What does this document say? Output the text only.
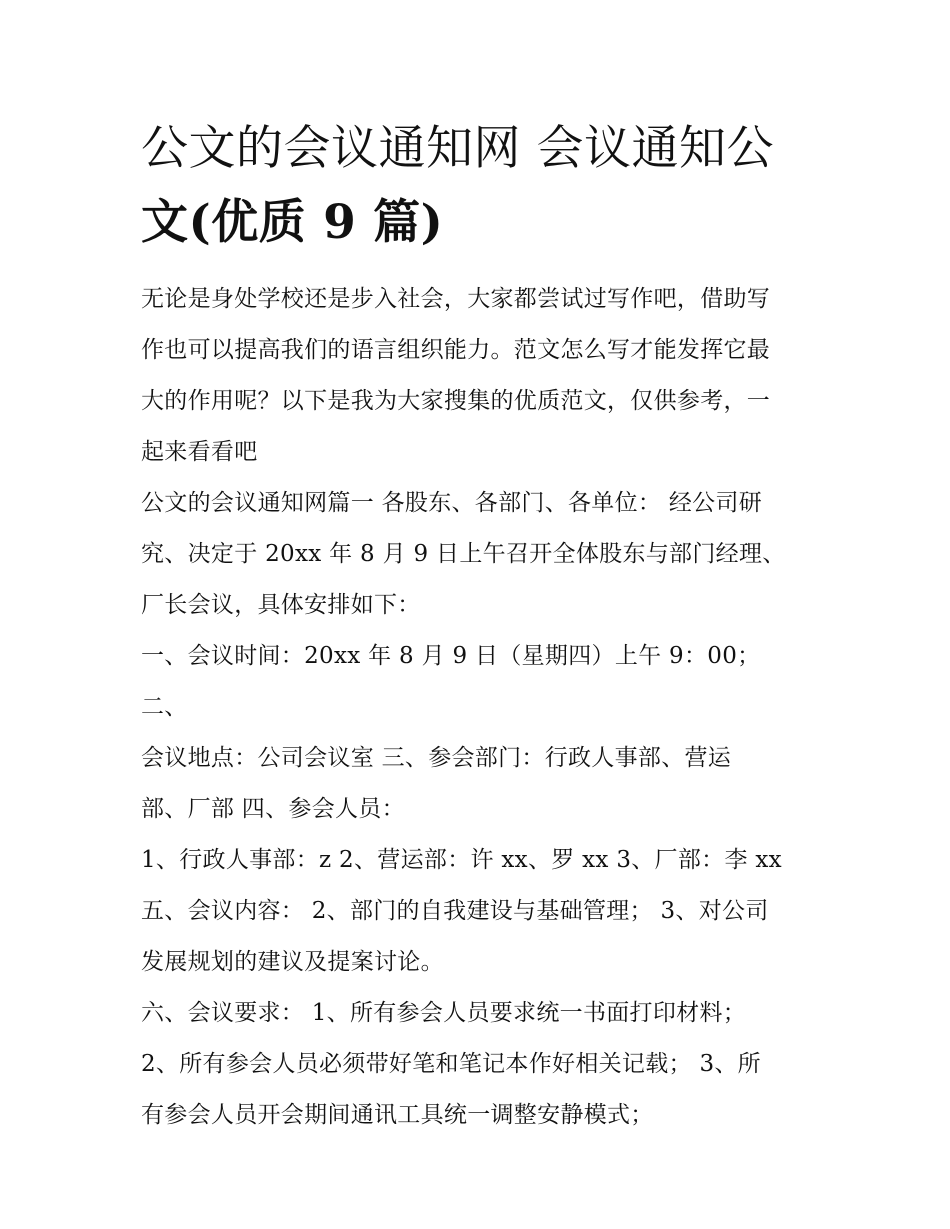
公文的会议通知网 会议通知公
文(优质 9 篇)

无论是身处学校还是步入社会，大家都尝试过写作吧，借助写
作也可以提高我们的语言组织能力。范文怎么写才能发挥它最
大的作用呢？以下是我为大家搜集的优质范文，仅供参考，一
起来看看吧

公文的会议通知网篇一 各股东、各部门、各单位： 经公司研
究、决定于 20xx 年 8 月 9 日上午召开全体股东与部门经理、
厂长会议，具体安排如下：
一、会议时间：20xx 年 8 月 9 日（星期四）上午 9：00； 二、
会议地点：公司会议室 三、参会部门：行政人事部、营运
部、厂部 四、参会人员：
1、行政人事部：z 2、营运部：许 xx、罗 xx 3、厂部：李 xx
五、会议内容： 2、部门的自我建设与基础管理； 3、对公司
发展规划的建议及提案讨论。
六、会议要求： 1、所有参会人员要求统一书面打印材料；
2、所有参会人员必须带好笔和笔记本作好相关记载； 3、所
有参会人员开会期间通讯工具统一调整安静模式；
